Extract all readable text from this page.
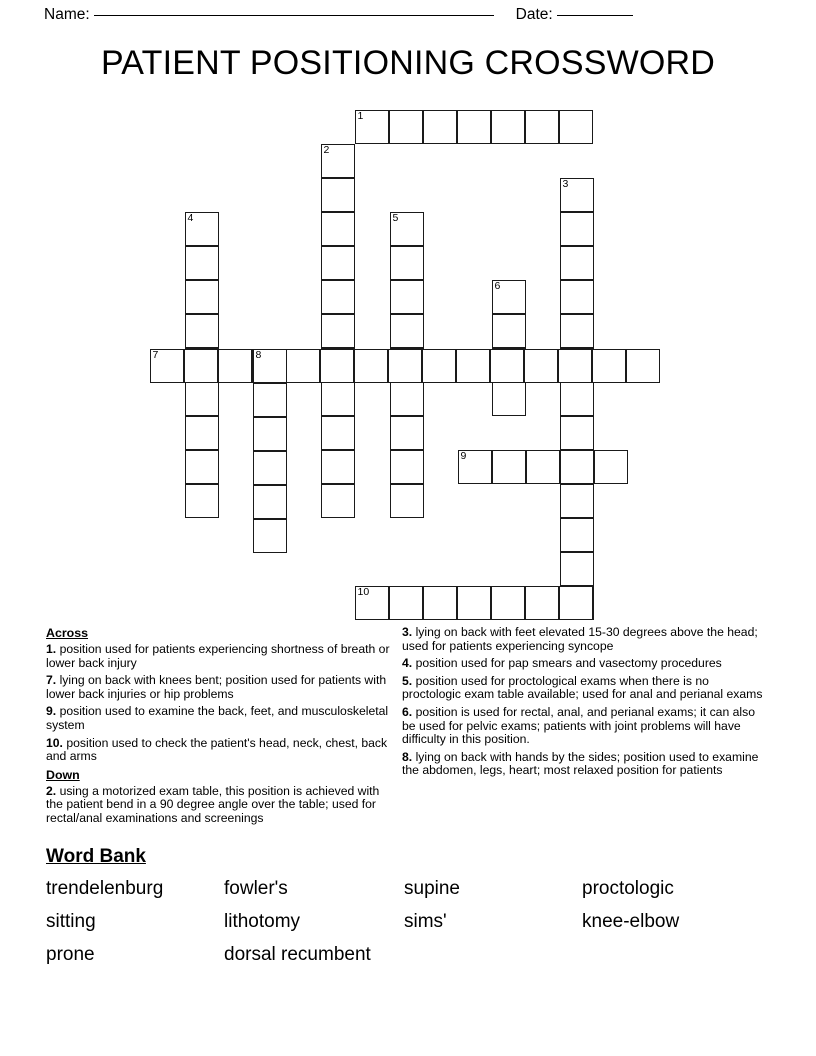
Name:	Date:
PATIENT POSITIONING CROSSWORD
1
2
3
4	5
6
7	8
9
10
Across

1. position used for patients experiencing shortness of breath or lower back injury

7. lying on back with knees bent; position used for patients with lower back injuries or hip problems

9. position used to examine the back, feet, and musculoskeletal system

10. position used to check the patient's head, neck, chest, back and arms

Down

2. using a motorized exam table, this position is achieved with the patient bend in a 90 degree angle over the table; used for rectal/anal examinations and screenings

3. lying on back with feet elevated 15-30 degrees above the head; used for patients experiencing syncope

4. position used for pap smears and vasectomy procedures

5. position used for proctological exams when there is no proctologic exam table available; used for anal and perianal exams

6. position is used for rectal, anal, and perianal exams; it can also be used for pelvic exams; patients with joint problems will have difficulty in this position.

8. lying on back with hands by the sides; position used to examine the abdomen, legs, heart; most relaxed position for patients

Word Bank
trendelenburg	fowler's	supine	proctologic
sitting	lithotomy	sims'	knee-elbow
prone	dorsal recumbent
